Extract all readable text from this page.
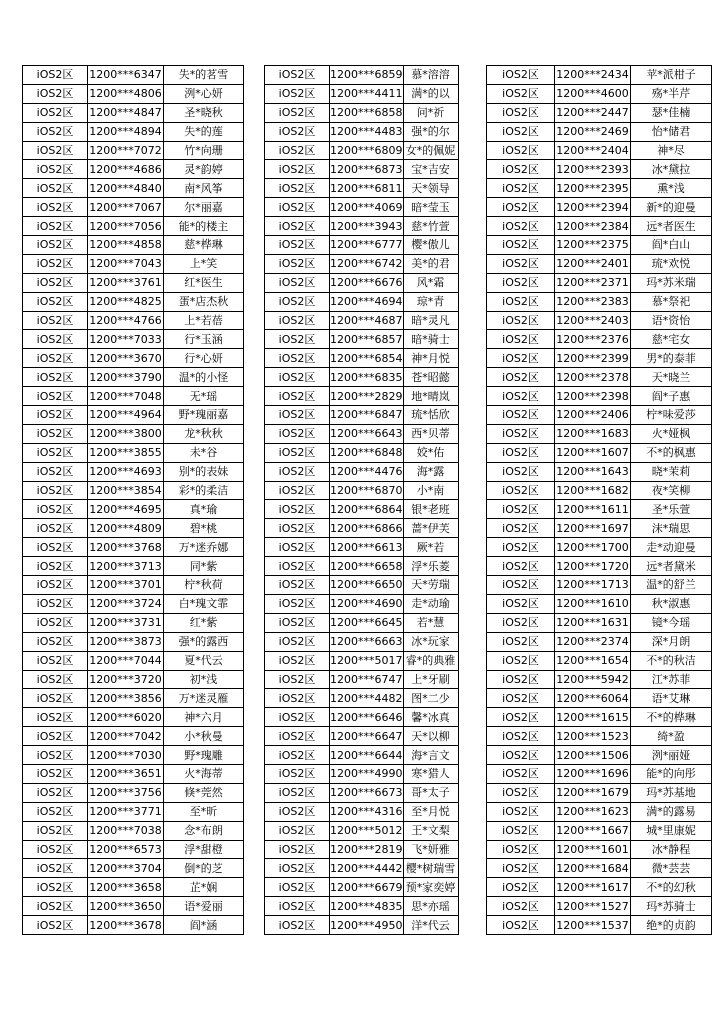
iOS2区	1200***6347	失*的茗雪
iOS2区	1200***4806	洌*心妍
iOS2区	1200***4847	圣*晓秋
iOS2区	1200***4894	失*的莲
iOS2区	1200***7072	竹*向珊
iOS2区	1200***4686	灵*韵婷
iOS2区	1200***4840	南*风筝
iOS2区	1200***7067	尔*丽嘉
iOS2区	1200***7056	能*的楼主
iOS2区	1200***4858	慈*桦琳
iOS2区	1200***7043	上*笑
iOS2区	1200***3761	红*医生
iOS2区	1200***4825	蛋*店杰秋
iOS2区	1200***4766	上*若蓓
iOS2区	1200***7033	行*玉涵
iOS2区	1200***3670	行*心妍
iOS2区	1200***3790	温*的小怪
iOS2区	1200***7048	无*瑶
iOS2区	1200***4964	野*瑰丽嘉
iOS2区	1200***3800	龙*秋秋
iOS2区	1200***3855	未*谷
iOS2区	1200***4693	别*的表妹
iOS2区	1200***3854	彩*的柔洁
iOS2区	1200***4695	真*瑜
iOS2区	1200***4809	碧*桃
iOS2区	1200***3768	万*迷乔娜
iOS2区	1200***3713	同*紫
iOS2区	1200***3701	柠*秋荷
iOS2区	1200***3724	白*瑰文霏
iOS2区	1200***3731	红*紫
iOS2区	1200***3873	强*的露西
iOS2区	1200***7044	夏*代云
iOS2区	1200***3720	初*浅
iOS2区	1200***3856	万*迷灵雁
iOS2区	1200***6020	神*六月
iOS2区	1200***7042	小*秋曼
iOS2区	1200***7030	野*瑰雕
iOS2区	1200***3651	火*海蒂
iOS2区	1200***3756	倏*莞然
iOS2区	1200***3771	至*昕
iOS2区	1200***7038	念*布朗
iOS2区	1200***6573	浮*甜橙
iOS2区	1200***3704	倒*的芝
iOS2区	1200***3658	芷*娴
iOS2区	1200***3650	语*爱丽
iOS2区	1200***3678	阎*涵
iOS2区	1200***6859	慕*溶溶
iOS2区	1200***4411	满*的以
iOS2区	1200***6858	问*祈
iOS2区	1200***4483	强*的尔
iOS2区	1200***6809	女*的佩妮
iOS2区	1200***6873	宝*吉安
iOS2区	1200***6811	天*领导
iOS2区	1200***4069	暗*莹玉
iOS2区	1200***3943	慈*竹萱
iOS2区	1200***6777	樱*傲儿
iOS2区	1200***6742	美*的君
iOS2区	1200***6676	风*霜
iOS2区	1200***4694	琼*青
iOS2区	1200***4687	暗*灵凡
iOS2区	1200***6857	暗*骑士
iOS2区	1200***6854	神*月悦
iOS2区	1200***6835	苍*昭懿
iOS2区	1200***2829	地*晴岚
iOS2区	1200***6847	琉*恬欣
iOS2区	1200***6643	西*贝蒂
iOS2区	1200***6848	姣*佑
iOS2区	1200***4476	海*露
iOS2区	1200***6870	小*南
iOS2区	1200***6864	银*老班
iOS2区	1200***6866	蔷*伊芙
iOS2区	1200***6613	厥*若
iOS2区	1200***6658	浮*乐菱
iOS2区	1200***6650	天*劳瑞
iOS2区	1200***4690	走*动瑜
iOS2区	1200***6645	若*慧
iOS2区	1200***6663	冰*玩家
iOS2区	1200***5017	睿*的典雅
iOS2区	1200***6747	上*牙刷
iOS2区	1200***4482	图*二少
iOS2区	1200***6646	馨*冰真
iOS2区	1200***6647	天*以柳
iOS2区	1200***6644	海*言文
iOS2区	1200***4990	寒*猎人
iOS2区	1200***6673	哥*太子
iOS2区	1200***4316	至*月悦
iOS2区	1200***5012	王*文梨
iOS2区	1200***2819	飞*妍雅
iOS2区	1200***4442	樱*树瑞雪
iOS2区	1200***6679	预*家奕婷
iOS2区	1200***4835	思*亦瑶
iOS2区	1200***4950	洋*代云
iOS2区	1200***2434	苹*派柑子
iOS2区	1200***4600	殇*半芹
iOS2区	1200***2447	瑟*佳楠
iOS2区	1200***2469	怡*储君
iOS2区	1200***2404	神*尽
iOS2区	1200***2393	冰*黛拉
iOS2区	1200***2395	熏*浅
iOS2区	1200***2394	新*的迎曼
iOS2区	1200***2384	远*者医生
iOS2区	1200***2375	阎*白山
iOS2区	1200***2401	琉*欢悦
iOS2区	1200***2371	玛*苏米瑞
iOS2区	1200***2383	慕*祭祀
iOS2区	1200***2403	语*资怡
iOS2区	1200***2376	慈*宅女
iOS2区	1200***2399	男*的泰菲
iOS2区	1200***2378	天*晓兰
iOS2区	1200***2398	阎*子惠
iOS2区	1200***2406	柠*味爱莎
iOS2区	1200***1683	火*娅枫
iOS2区	1200***1607	不*的枫惠
iOS2区	1200***1643	晓*茉莉
iOS2区	1200***1682	夜*笑柳
iOS2区	1200***1611	圣*乐萱
iOS2区	1200***1697	沫*瑞思
iOS2区	1200***1700	走*动迎曼
iOS2区	1200***1720	远*者黛米
iOS2区	1200***1713	温*的舒兰
iOS2区	1200***1610	秋*淑惠
iOS2区	1200***1631	镜*今瑶
iOS2区	1200***2374	深*月朗
iOS2区	1200***1654	不*的秋洁
iOS2区	1200***5942	江*苏菲
iOS2区	1200***6064	语*艾琳
iOS2区	1200***1615	不*的桦琳
iOS2区	1200***1523	绮*盈
iOS2区	1200***1506	洌*丽娅
iOS2区	1200***1696	能*的向彤
iOS2区	1200***1679	玛*苏基地
iOS2区	1200***1623	满*的露易
iOS2区	1200***1667	城*里康妮
iOS2区	1200***1601	冰*静程
iOS2区	1200***1684	微*芸芸
iOS2区	1200***1617	不*的幻秋
iOS2区	1200***1527	玛*苏骑士
iOS2区	1200***1537	绝*的贞韵
